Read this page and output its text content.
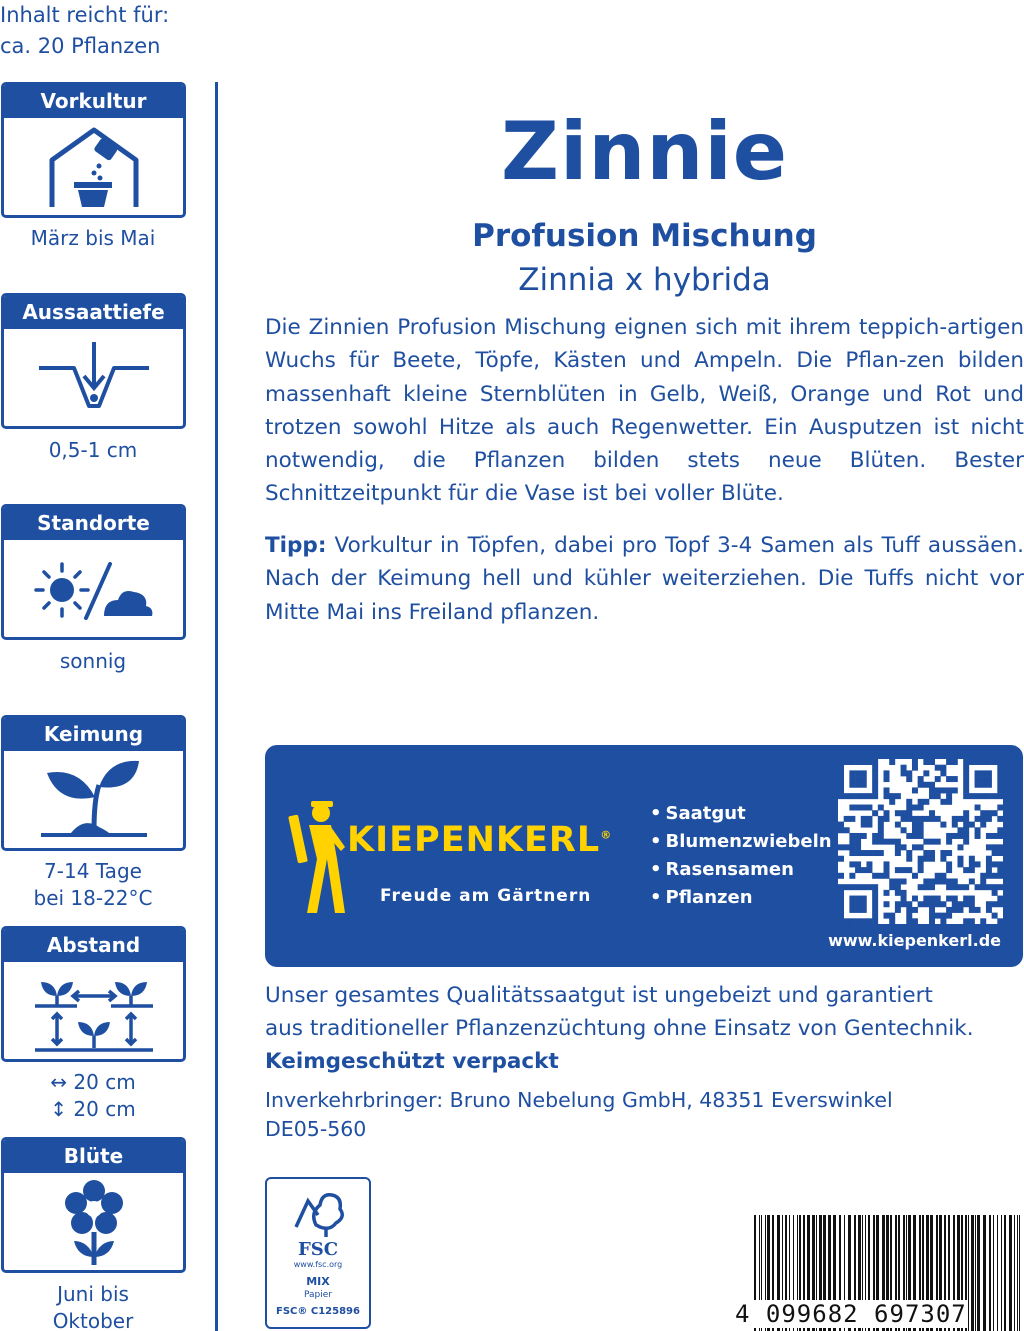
Inhalt reicht für:
ca. 20 Pflanzen
Vorkultur
März bis Mai
Aussaattiefe
0,5-1 cm
Standorte
sonnig
Keimung
7-14 Tage
bei 18-22°C
Abstand
↔ 20 cm
↕ 20 cm
Blüte
Juni bis
Oktober
Zinnie
Profusion Mischung
Zinnia x hybrida
Die Zinnien Profusion Mischung eignen sich mit ihrem teppich-artigen Wuchs für Beete, Töpfe, Kästen und Ampeln. Die Pflan-zen bilden massenhaft kleine Sternblüten in Gelb, Weiß, Orange und Rot und trotzen sowohl Hitze als auch Regenwetter. Ein Ausputzen ist nicht notwendig, die Pflanzen bilden stets neue Blüten. Bester Schnittzeitpunkt für die Vase ist bei voller Blüte.
Tipp: Vorkultur in Töpfen, dabei pro Topf 3-4 Samen als Tuff aussäen. Nach der Keimung hell und kühler weiterziehen. Die Tuffs nicht vor Mitte Mai ins Freiland pflanzen.
KIEPENKERL®
Freude am Gärtnern
• Saatgut
• Blumenzwiebeln
• Rasensamen
• Pflanzen
www.kiepenkerl.de
Unser gesamtes Qualitätssaatgut ist ungebeizt und garantiert
aus traditioneller Pflanzenzüchtung ohne Einsatz von Gentechnik.
Keimgeschützt verpackt
Inverkehrbringer: Bruno Nebelung GmbH, 48351 Everswinkel
DE05-560
FSC
www.fsc.org
MIX
Papier
FSC® C125896	4 099682 697307
